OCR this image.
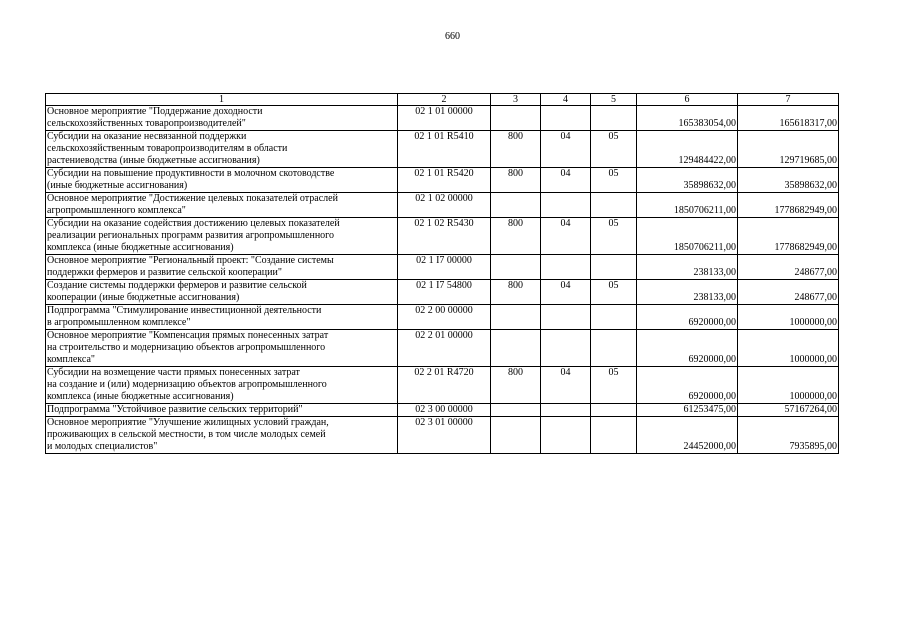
660
1	2	3	4	5	6	7
Основное мероприятие "Поддержание доходности
сельскохозяйственных товаропроизводителей"	02 1 01 00000				165383054,00	165618317,00
Субсидии на оказание несвязанной поддержки
сельскохозяйственным товаропроизводителям в области
растениеводства (иные бюджетные ассигнования)	02 1 01 R5410	800	04	05	129484422,00	129719685,00
Субсидии на повышение продуктивности в молочном скотоводстве
(иные бюджетные ассигнования)	02 1 01 R5420	800	04	05	35898632,00	35898632,00
Основное мероприятие "Достижение целевых показателей отраслей
агропромышленного комплекса"	02 1 02 00000				1850706211,00	1778682949,00
Субсидии на оказание содействия достижению целевых показателей
реализации региональных программ развития агропромышленного
комплекса (иные бюджетные ассигнования)	02 1 02 R5430	800	04	05	1850706211,00	1778682949,00
Основное мероприятие "Региональный проект: "Создание системы
поддержки фермеров и развитие сельской кооперации"	02 1 I7 00000				238133,00	248677,00
Создание системы поддержки фермеров и развитие сельской
кооперации (иные бюджетные ассигнования)	02 1 I7 54800	800	04	05	238133,00	248677,00
Подпрограмма "Стимулирование инвестиционной деятельности
в агропромышленном комплексе"	02 2 00 00000				6920000,00	1000000,00
Основное мероприятие "Компенсация прямых понесенных затрат
на строительство и модернизацию объектов агропромышленного
комплекса"	02 2 01 00000				6920000,00	1000000,00
Субсидии на возмещение части прямых понесенных затрат
на создание и (или) модернизацию объектов агропромышленного
комплекса (иные бюджетные ассигнования)	02 2 01 R4720	800	04	05	6920000,00	1000000,00
Подпрограмма "Устойчивое развитие сельских территорий"	02 3 00 00000				61253475,00	57167264,00
Основное мероприятие "Улучшение жилищных условий граждан,
проживающих в сельской местности, в том числе молодых семей
и молодых специалистов"	02 3 01 00000				24452000,00	7935895,00
